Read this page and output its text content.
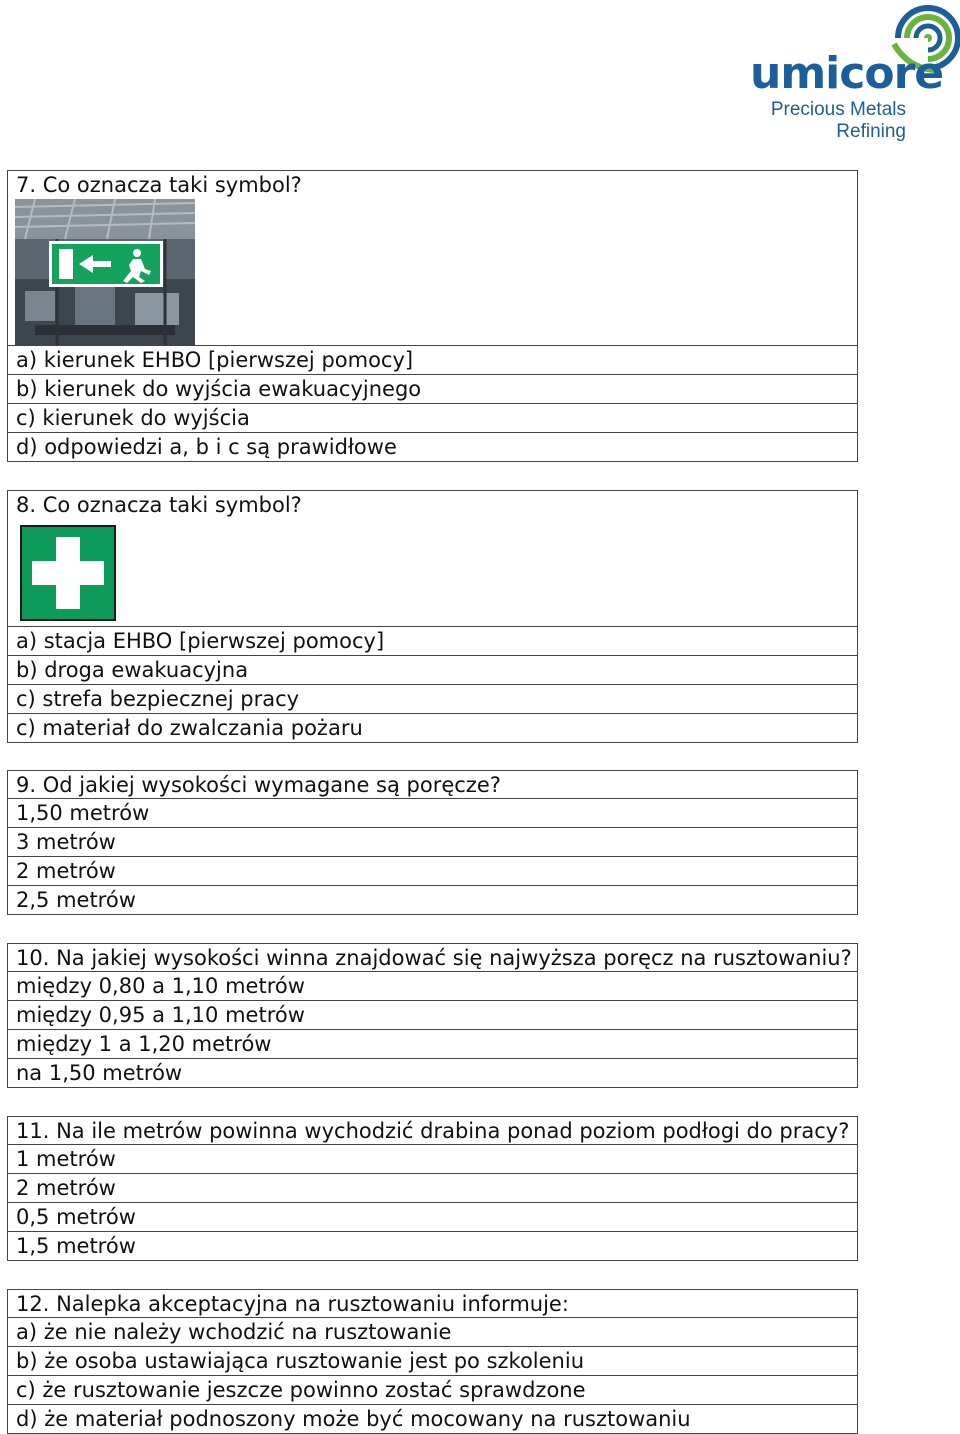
umicore
Precious Metals
Refining
7. Co oznacza taki symbol?
a) kierunek EHBO [pierwszej pomocy]
b) kierunek do wyjścia ewakuacyjnego
c) kierunek do wyjścia
d) odpowiedzi a, b i c są prawidłowe
8. Co oznacza taki symbol?
a) stacja EHBO [pierwszej pomocy]
b) droga ewakuacyjna
c) strefa bezpiecznej pracy
c) materiał do zwalczania pożaru
9. Od jakiej wysokości wymagane są poręcze?
1,50 metrów
3 metrów
2 metrów
2,5 metrów
10. Na jakiej wysokości winna znajdować się najwyższa poręcz na rusztowaniu?
między 0,80 a 1,10 metrów
między 0,95 a 1,10 metrów
między 1 a 1,20 metrów
na 1,50 metrów
11. Na ile metrów powinna wychodzić drabina ponad poziom podłogi do pracy?
1 metrów
2 metrów
0,5 metrów
1,5 metrów
12. Nalepka akceptacyjna na rusztowaniu informuje:
a) że nie należy wchodzić na rusztowanie
b) że osoba ustawiająca rusztowanie jest po szkoleniu
c) że rusztowanie jeszcze powinno zostać sprawdzone
d) że materiał podnoszony może być mocowany na rusztowaniu
